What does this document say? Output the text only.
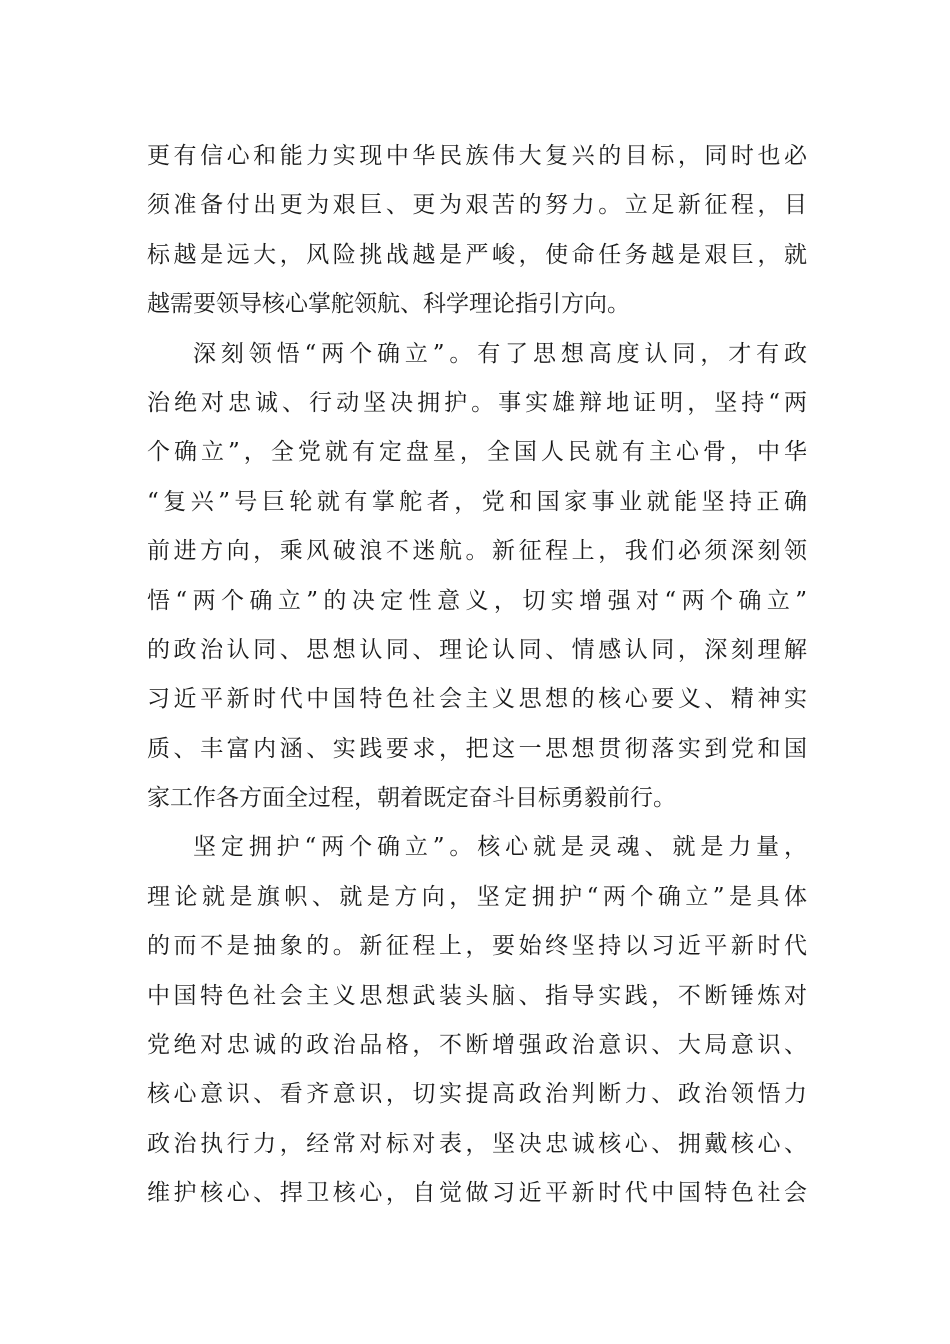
更有信心和能力实现中华民族伟大复兴的目标，同时也必
须准备付出更为艰巨、更为艰苦的努力。立足新征程，目
标越是远大，风险挑战越是严峻，使命任务越是艰巨，就
越需要领导核心掌舵领航、科学理论指引方向。
深刻领悟“两个确立”。有了思想高度认同，才有政
治绝对忠诚、行动坚决拥护。事实雄辩地证明，坚持“两
个确立”，全党就有定盘星，全国人民就有主心骨，中华
“复兴”号巨轮就有掌舵者，党和国家事业就能坚持正确
前进方向，乘风破浪不迷航。新征程上，我们必须深刻领
悟“两个确立”的决定性意义，切实增强对“两个确立”
的政治认同、思想认同、理论认同、情感认同，深刻理解
习近平新时代中国特色社会主义思想的核心要义、精神实
质、丰富内涵、实践要求，把这一思想贯彻落实到党和国
家工作各方面全过程，朝着既定奋斗目标勇毅前行。
坚定拥护“两个确立”。核心就是灵魂、就是力量，
理论就是旗帜、就是方向，坚定拥护“两个确立”是具体
的而不是抽象的。新征程上，要始终坚持以习近平新时代
中国特色社会主义思想武装头脑、指导实践，不断锤炼对
党绝对忠诚的政治品格，不断增强政治意识、大局意识、
核心意识、看齐意识，切实提高政治判断力、政治领悟力
政治执行力，经常对标对表，坚决忠诚核心、拥戴核心、
维护核心、捍卫核心，自觉做习近平新时代中国特色社会
